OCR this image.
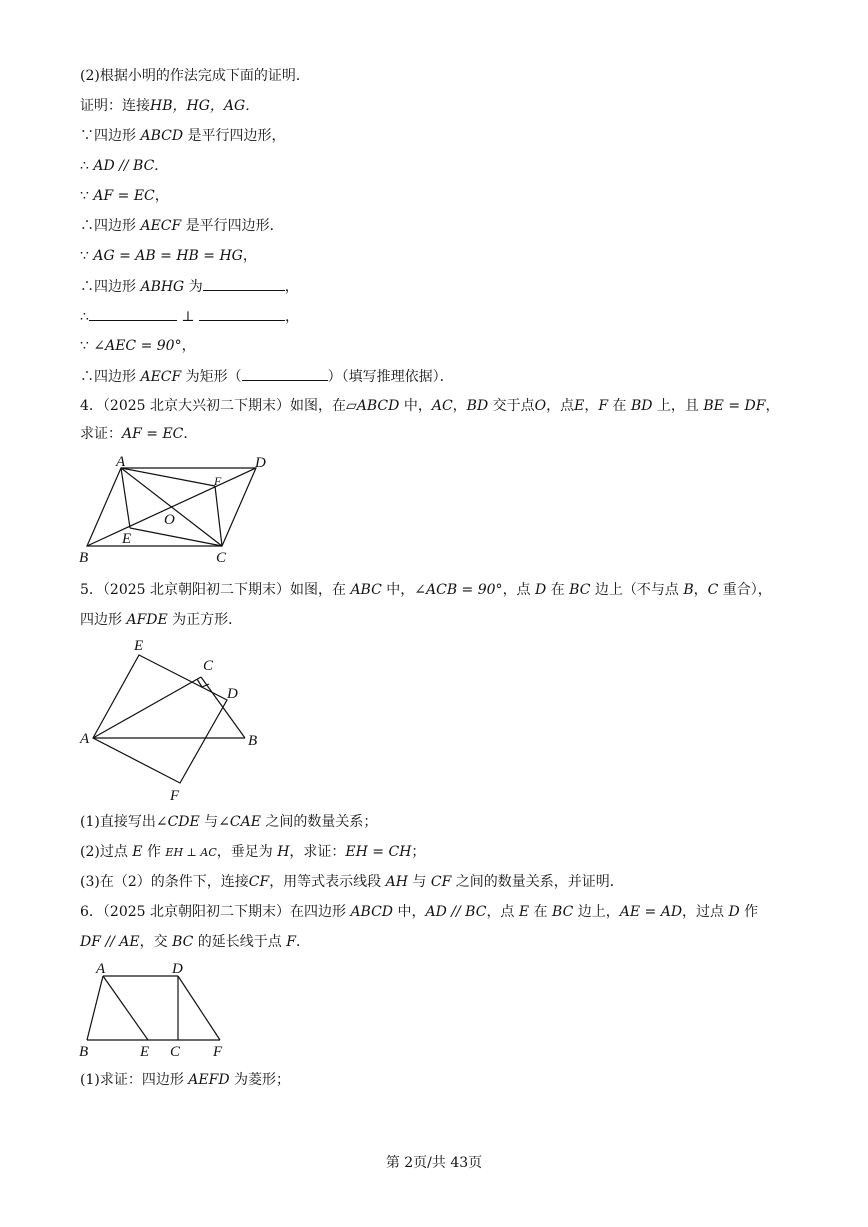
(2)根据小明的作法完成下面的证明．
证明：连接HB，HG，AG．
∵四边形 ABCD 是平行四边形，
∴ AD // BC．
∵ AF = EC，
∴四边形 AECF 是平行四边形．
∵ AG = AB = HB = HG，
∴四边形 ABHG 为	，
∴	⊥	，
∵ ∠AEC = 90°，
∴四边形 AECF 为矩形（	）（填写推理依据）．
4．（2025 北京大兴初二下期末）如图，在▱ABCD 中，AC，BD 交于点O，点E，F 在 BD 上，且 BE = DF，
求证：AF = EC．
A	D
F
O
E
B	C
5．（2025 北京朝阳初二下期末）如图，在 ABC 中，∠ACB = 90°，点 D 在 BC 边上（不与点 B，C 重合），
四边形 AFDE 为正方形．
E
C
D
A	B
F
(1)直接写出∠CDE 与∠CAE 之间的数量关系；
(2)过点 E 作 EH ⊥ AC，垂足为 H，求证：EH = CH；
(3)在（2）的条件下，连接CF，用等式表示线段 AH 与 CF 之间的数量关系，并证明．
6．（2025 北京朝阳初二下期末）在四边形 ABCD 中，AD // BC，点 E 在 BC 边上，AE = AD，过点 D 作
DF // AE，交 BC 的延长线于点 F．
A	D
B	E C F
(1)求证：四边形 AEFD 为菱形；
第 2页/共 43页
